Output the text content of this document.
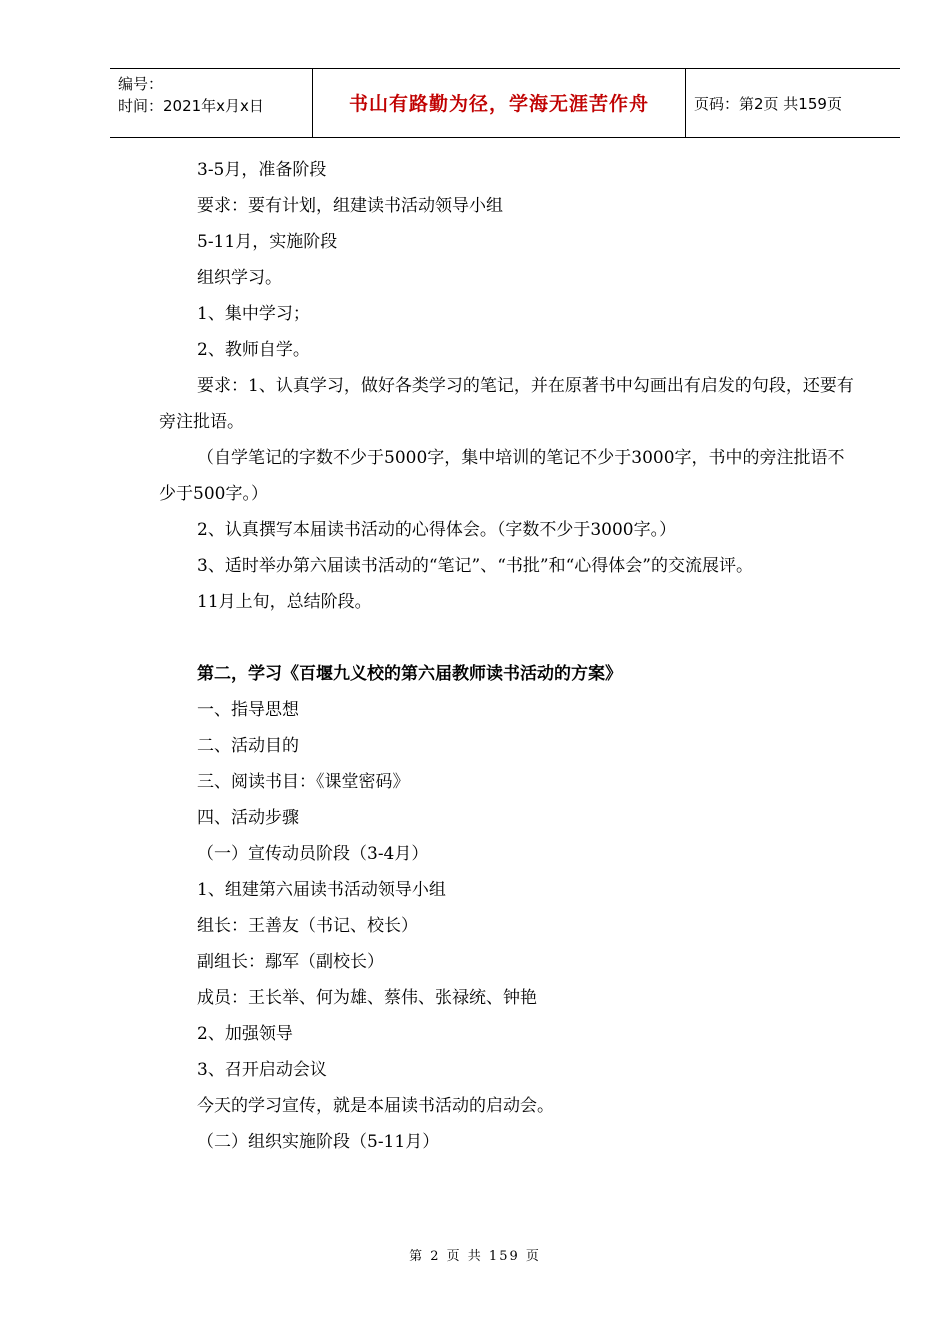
编号：
时间：2021年x月x日	书山有路勤为径，学海无涯苦作舟	页码：第2页 共159页

3-5月，准备阶段

要求：要有计划，组建读书活动领导小组

5-11月，实施阶段

组织学习。

1、集中学习；

2、教师自学。

要求：1、认真学习，做好各类学习的笔记，并在原著书中勾画出有启发的句段，还要有旁注批语。

（自学笔记的字数不少于5000字，集中培训的笔记不少于3000字，书中的旁注批语不少于500字。）

2、认真撰写本届读书活动的心得体会。（字数不少于3000字。）

3、适时举办第六届读书活动的“笔记”、“书批”和“心得体会”的交流展评。

11月上旬，总结阶段。

第二，学习《百堰九义校的第六届教师读书活动的方案》

一、指导思想

二、活动目的

三、阅读书目：《课堂密码》

四、活动步骤

（一）宣传动员阶段（3-4月）

1、组建第六届读书活动领导小组

组长：王善友（书记、校长）

副组长：鄢军（副校长）

成员：王长举、何为雄、蔡伟、张禄统、钟艳

2、加强领导

3、召开启动会议

今天的学习宣传，就是本届读书活动的启动会。

（二）组织实施阶段（5-11月）

第 2 页 共 159 页
